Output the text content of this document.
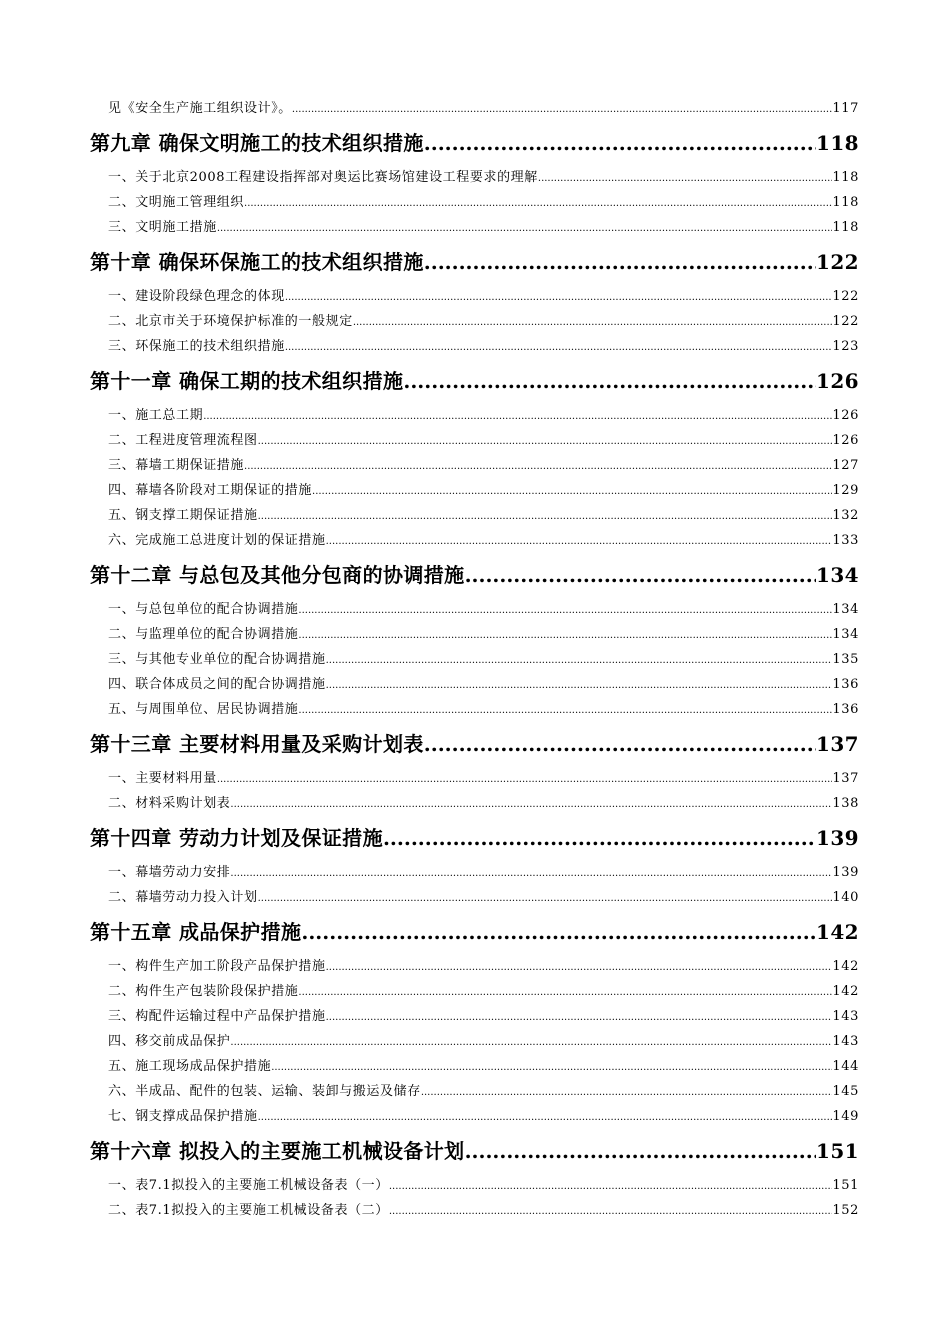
见《安全生产施工组织设计》。 .....	117
第九章 确保文明施工的技术组织措施 .....	118
一、关于北京2008工程建设指挥部对奥运比赛场馆建设工程要求的理解 .....	118
二、文明施工管理组织 .....	118
三、文明施工措施 .....	118
第十章 确保环保施工的技术组织措施 .....	122
一、建设阶段绿色理念的体现 .....	122
二、北京市关于环境保护标准的一般规定 .....	122
三、环保施工的技术组织措施 .....	123
第十一章 确保工期的技术组织措施 .....	126
一、施工总工期 .....	126
二、工程进度管理流程图 .....	126
三、幕墙工期保证措施 .....	127
四、幕墙各阶段对工期保证的措施 .....	129
五、钢支撑工期保证措施 .....	132
六、完成施工总进度计划的保证措施 .....	133
第十二章 与总包及其他分包商的协调措施 .....	134
一、与总包单位的配合协调措施 .....	134
二、与监理单位的配合协调措施 .....	134
三、与其他专业单位的配合协调措施 .....	135
四、联合体成员之间的配合协调措施 .....	136
五、与周围单位、居民协调措施 .....	136
第十三章 主要材料用量及采购计划表 .....	137
一、主要材料用量 .....	137
二、材料采购计划表 .....	138
第十四章 劳动力计划及保证措施 .....	139
一、幕墙劳动力安排 .....	139
二、幕墙劳动力投入计划 .....	140
第十五章 成品保护措施 .....	142
一、构件生产加工阶段产品保护措施 .....	142
二、构件生产包装阶段保护措施 .....	142
三、构配件运输过程中产品保护措施 .....	143
四、移交前成品保护 .....	143
五、施工现场成品保护措施 .....	144
六、半成品、配件的包装、运输、装卸与搬运及储存 .....	145
七、钢支撑成品保护措施 .....	149
第十六章 拟投入的主要施工机械设备计划 .....	151
一、表7.1拟投入的主要施工机械设备表（一） .....	151
二、表7.1拟投入的主要施工机械设备表（二） .....	152
